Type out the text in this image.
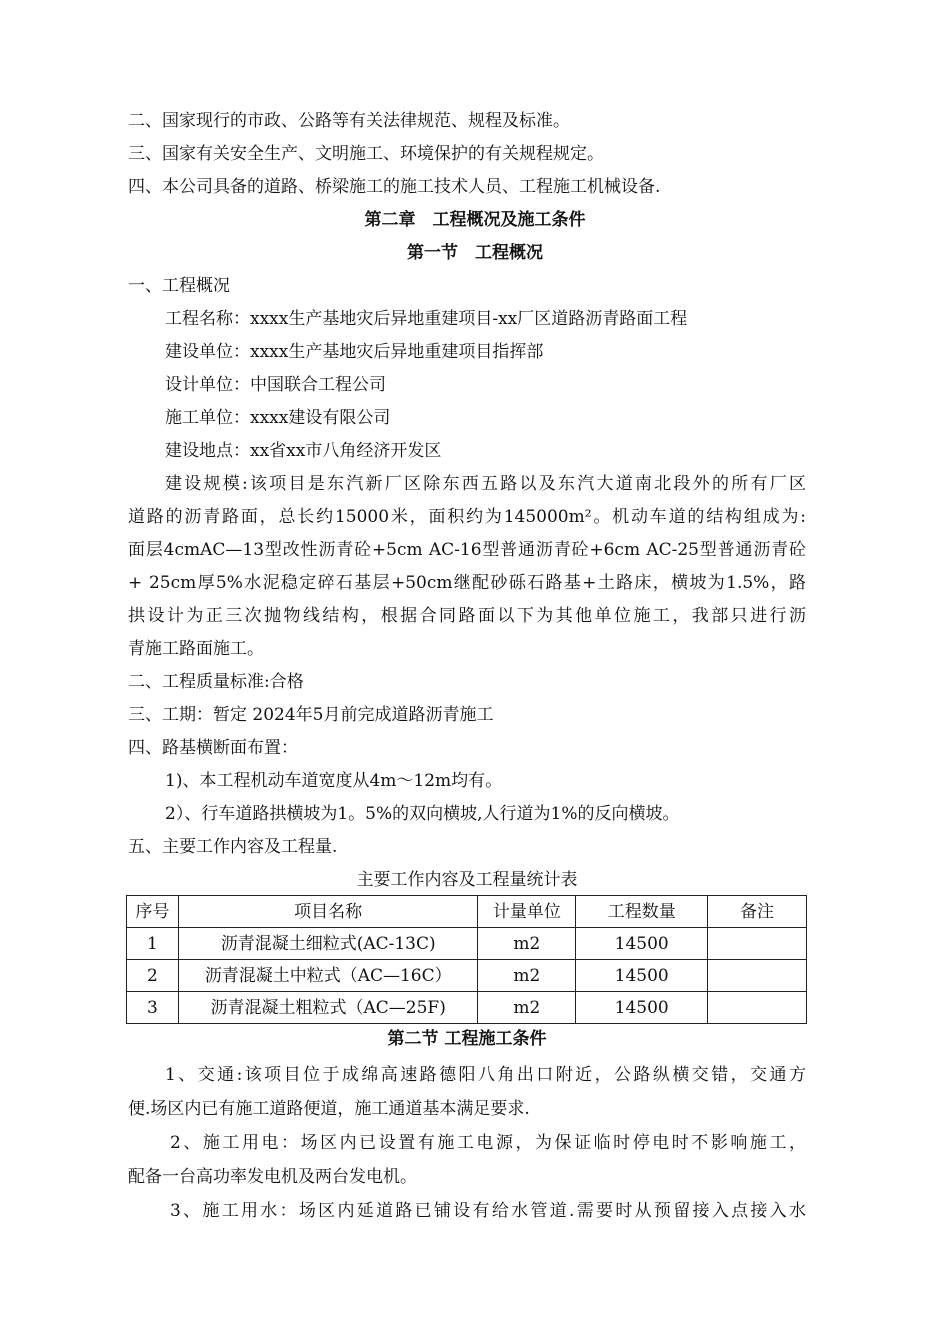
二、国家现行的市政、公路等有关法律规范、规程及标准。
三、国家有关安全生产、文明施工、环境保护的有关规程规定。
四、本公司具备的道路、桥梁施工的施工技术人员、工程施工机械设备.
第二章　工程概况及施工条件
第一节　工程概况
一、工程概况
工程名称：xxxx生产基地灾后异地重建项目-xx厂区道路沥青路面工程
建设单位：xxxx生产基地灾后异地重建项目指挥部
设计单位：中国联合工程公司
施工单位：xxxx建设有限公司
建设地点：xx省xx市八角经济开发区
建设规模:该项目是东汽新厂区除东西五路以及东汽大道南北段外的所有厂区
道路的沥青路面，总长约15000米，面积约为145000m²。机动车道的结构组成为:
面层4cmAC—13型改性沥青砼+5cm AC-16型普通沥青砼+6cm AC-25型普通沥青砼
+ 25cm厚5%水泥稳定碎石基层+50cm继配砂砾石路基+土路床，横坡为1.5%，路
拱设计为正三次抛物线结构，根据合同路面以下为其他单位施工，我部只进行沥
青施工路面施工。
二、工程质量标准:合格
三、工期：暂定 2024年5月前完成道路沥青施工
四、路基横断面布置：
1)、本工程机动车道宽度从4m～12m均有。
2）、行车道路拱横坡为1。5%的双向横坡,人行道为1%的反向横坡。
五、主要工作内容及工程量.
主要工作内容及工程量统计表
序号	项目名称	计量单位	工程数量	备注
1	沥青混凝土细粒式(AC-13C)	m2	14500	
2	沥青混凝土中粒式（AC—16C）	m2	14500	
3	沥青混凝土粗粒式（AC—25F)	m2	14500	
第二节 工程施工条件
1、交通:该项目位于成绵高速路德阳八角出口附近，公路纵横交错，交通方
便.场区内已有施工道路便道，施工通道基本满足要求.
2、施工用电：场区内已设置有施工电源，为保证临时停电时不影响施工，
配备一台高功率发电机及两台发电机。
3、施工用水：场区内延道路已铺设有给水管道.需要时从预留接入点接入水
